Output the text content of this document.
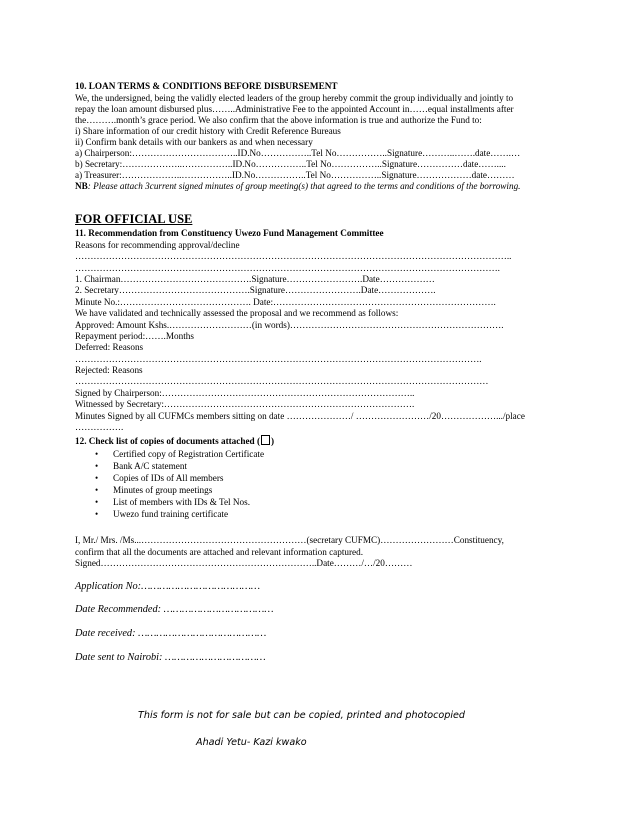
10. LOAN TERMS & CONDITIONS BEFORE DISBURSEMENT
We, the undersigned, being the validly elected leaders of the group hereby commit the group individually and jointly to
repay the loan amount disbursed plus……..Administrative Fee to the appointed Account in……equal installments after
the……….month’s grace period. We also confirm that the above information is true and authorize the Fund to:
i) Share information of our credit history with Credit Reference Bureaus
ii) Confirm bank details with our bankers as and when necessary
a) Chairperson:……………………………..ID.No……………..Tel No……………..Signature………..…….date…….…
b) Secretary:………………..……………..ID.No……………..Tel No……………..Signature……………date……....
a) Treasurer:………………..……………..ID.No……………..Tel No……………..Signature………………date………
NB: Please attach 3current signed minutes of group meeting(s) that agreed to the terms and conditions of the borrowing.
FOR OFFICIAL USE
11. Recommendation from Constituency Uwezo Fund Management Committee
Reasons for recommending approval/decline
……………………………………………………………………………………………………………………………..
………………………………………………………………………………………………………………………….
1. Chairman…………………………………….Signature…………………….Date………………
2. Secretary…………………………………….Signature…………………….Date……………….
Minute No.:……………………………………. Date:……………………………………………………………….
We have validated and technically assessed the proposal and we recommend as follows:
Approved: Amount Kshs.………………………(in words)…………………………………………………………….
Repayment period:…….Months
Deferred: Reasons
…………………………………………………………………………………………………………………….
Rejected: Reasons
………………………………………………………………………………………………………………………
Signed by Chairperson:………………………………………………………………………..
Witnessed by Secretary:……………………………………………………………………….
Minutes Signed by all CUFMCs members sitting on date …………………/ ……………………/20……………….../place
…………….
12. Check list of copies of documents attached ( )
• Certified copy of Registration Certificate
• Bank A/C statement
• Copies of IDs of All members
• Minutes of group meetings
• List of members with IDs & Tel Nos.
• Uwezo fund training certificate
I, Mr./ Mrs. /Ms...………………………………………………(secretary CUFMC)……………………Constituency,
confirm that all the documents are attached and relevant information captured.
Signed……………………………………………………………..Date………/…/20………
Application No:…………………………………
Date Recommended: ………………………………
Date received: ……………………………………
Date sent to Nairobi: ……………………………
This form is not for sale but can be copied, printed and photocopied
Ahadi Yetu- Kazi kwako
